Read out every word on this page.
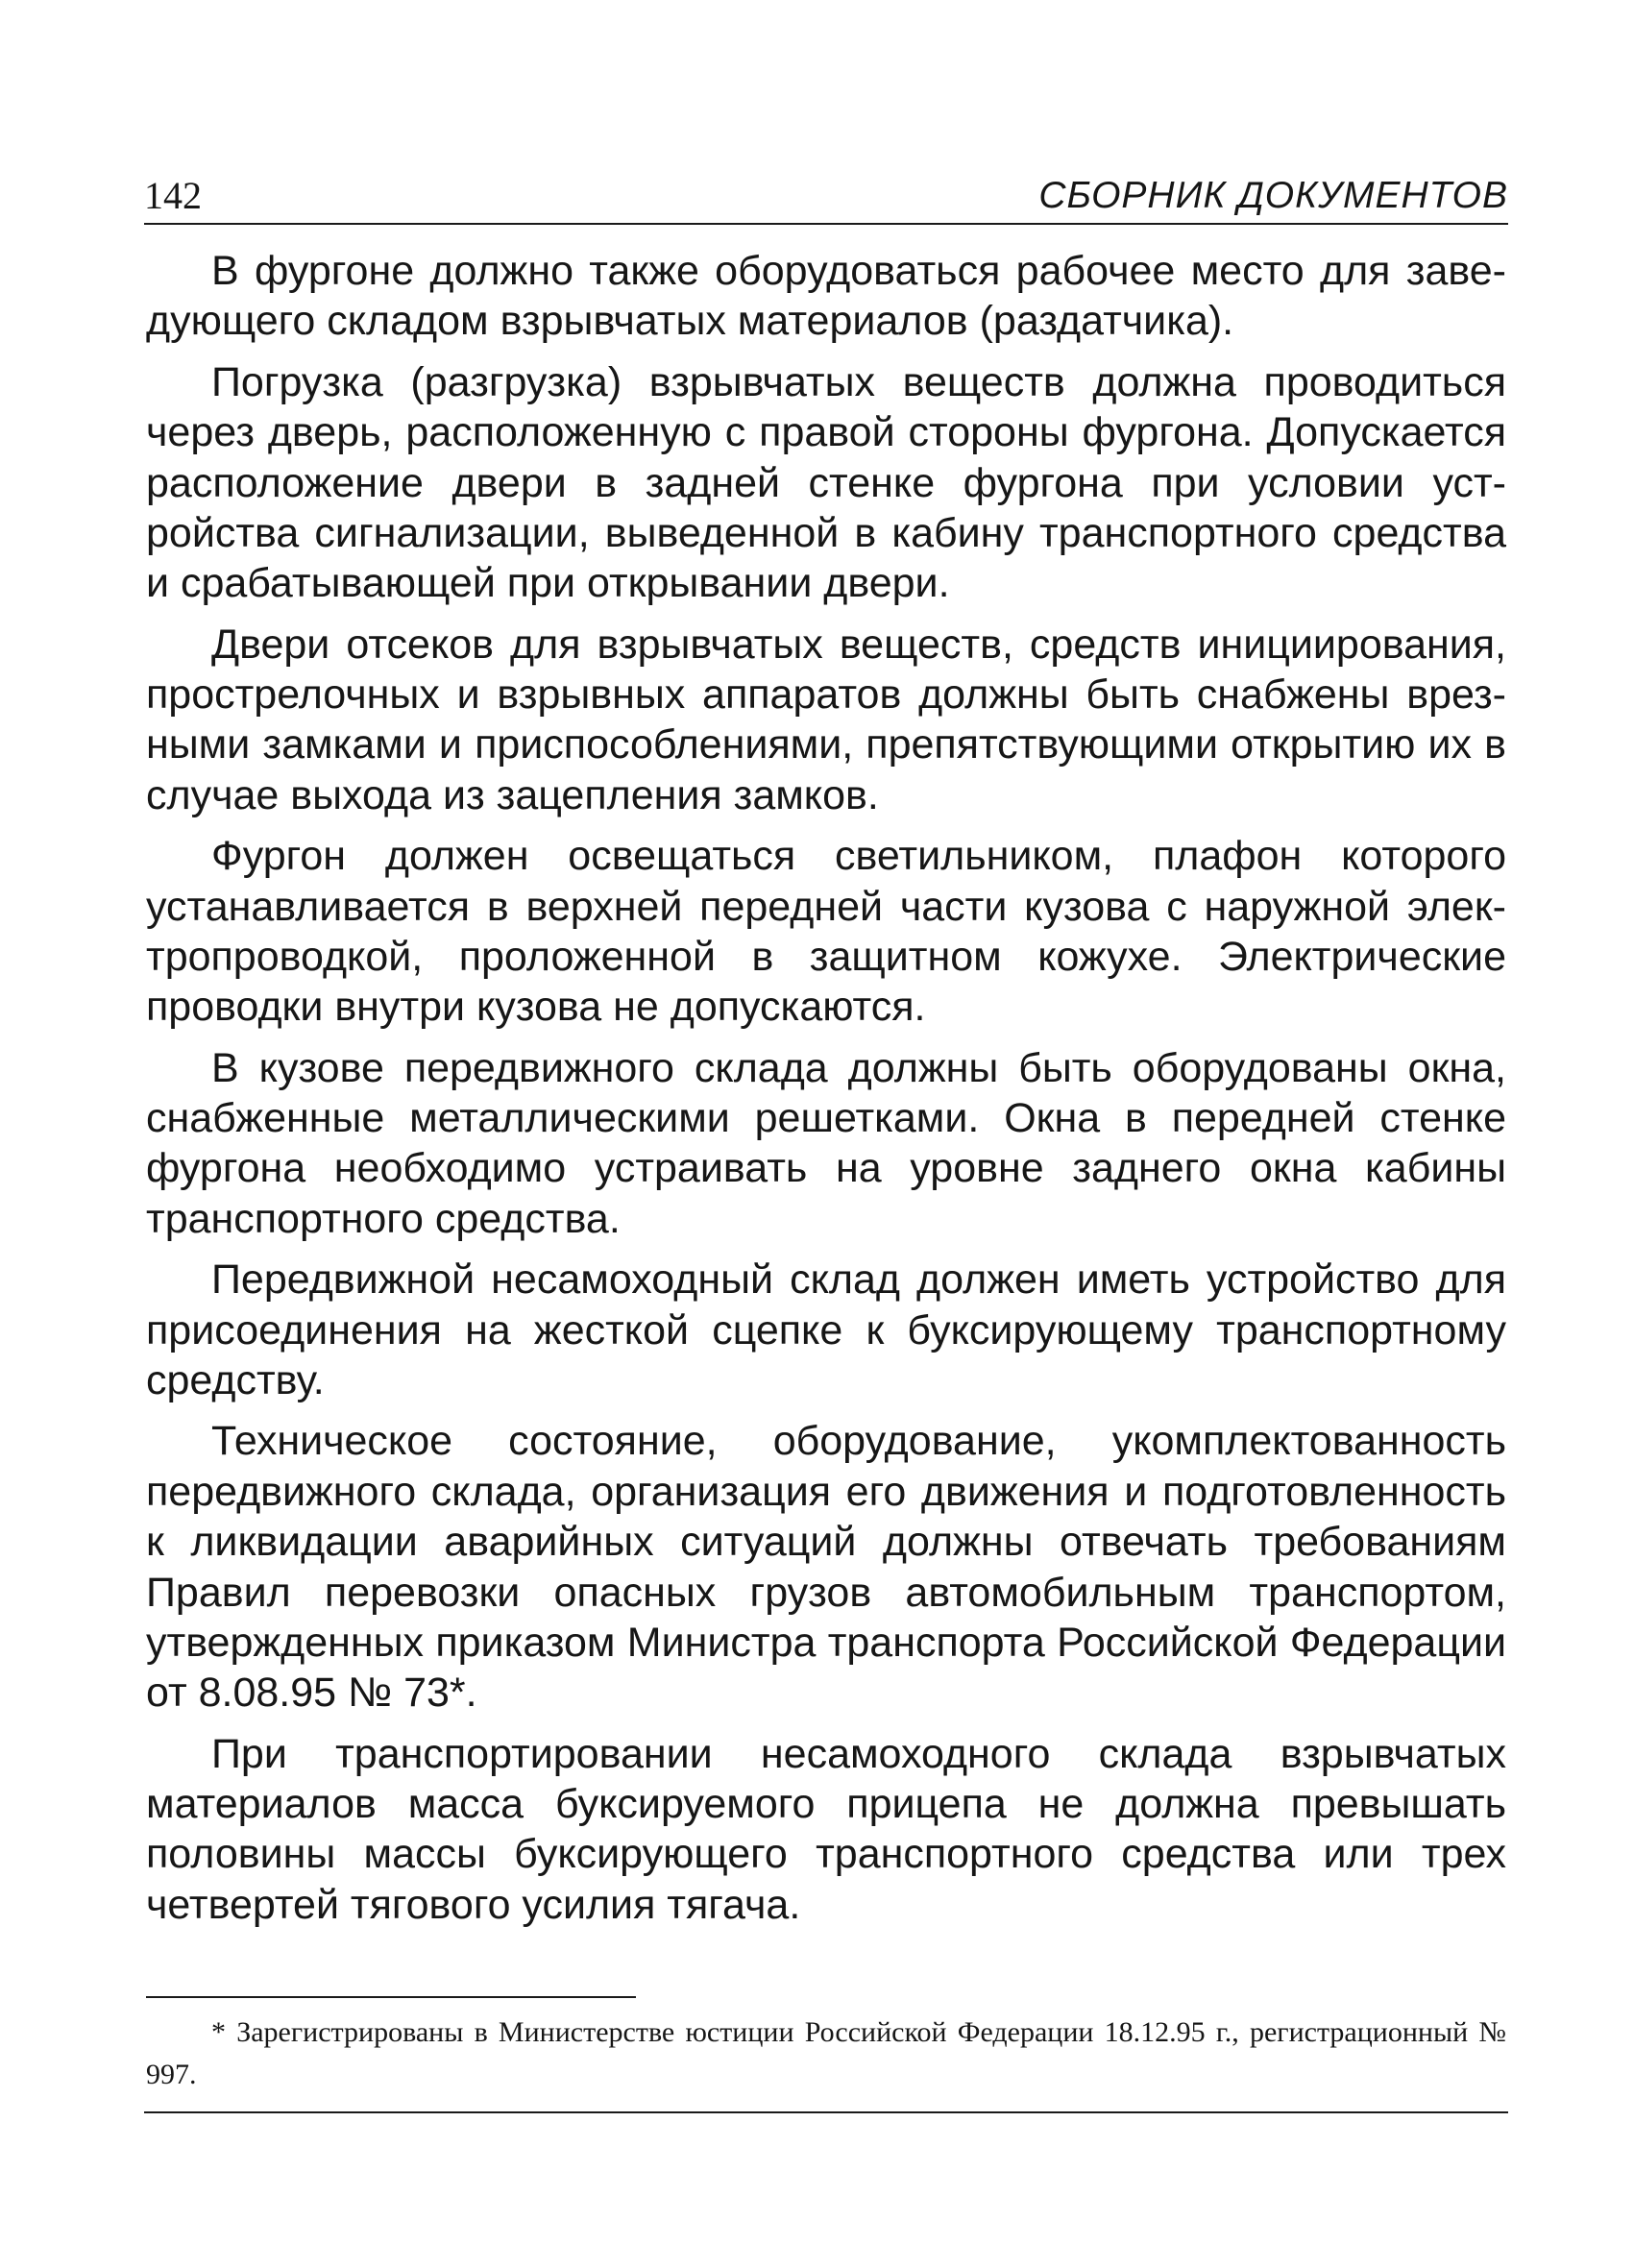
142	СБОРНИК ДОКУМЕНТОВ

В фургоне должно также оборудоваться рабочее место для заведующего складом взрывчатых материалов (раздатчика).

Погрузка (разгрузка) взрывчатых веществ должна проводиться через дверь, расположенную с правой стороны фургона. Допускается расположение двери в задней стенке фургона при условии устройства сигнализации, выведенной в кабину транспортного средства и срабатывающей при открывании двери.

Двери отсеков для взрывчатых веществ, средств инициирования, прострелочных и взрывных аппаратов должны быть снабжены врезными замками и приспособлениями, препятствующими открытию их в случае выхода из зацепления замков.

Фургон должен освещаться светильником, плафон которого устанавливается в верхней передней части кузова с наружной электропроводкой, проложенной в защитном кожухе. Электрические проводки внутри кузова не допускаются.

В кузове передвижного склада должны быть оборудованы окна, снабженные металлическими решетками. Окна в передней стенке фургона необходимо устраивать на уровне заднего окна кабины транспортного средства.

Передвижной несамоходный склад должен иметь устройство для присоединения на жесткой сцепке к буксирующему транспортному средству.

Техническое состояние, оборудование, укомплектованность передвижного склада, организация его движения и подготовленность к ликвидации аварийных ситуаций должны отвечать требованиям Правил перевозки опасных грузов автомобильным транспортом, утвержденных приказом Министра транспорта Российской Федерации от 8.08.95 № 73*.

При транспортировании несамоходного склада взрывчатых материалов масса буксируемого прицепа не должна превышать половины массы буксирующего транспортного средства или трех четвертей тягового усилия тягача.

* Зарегистрированы в Министерстве юстиции Российской Федерации 18.12.95 г., регистрационный № 997.
